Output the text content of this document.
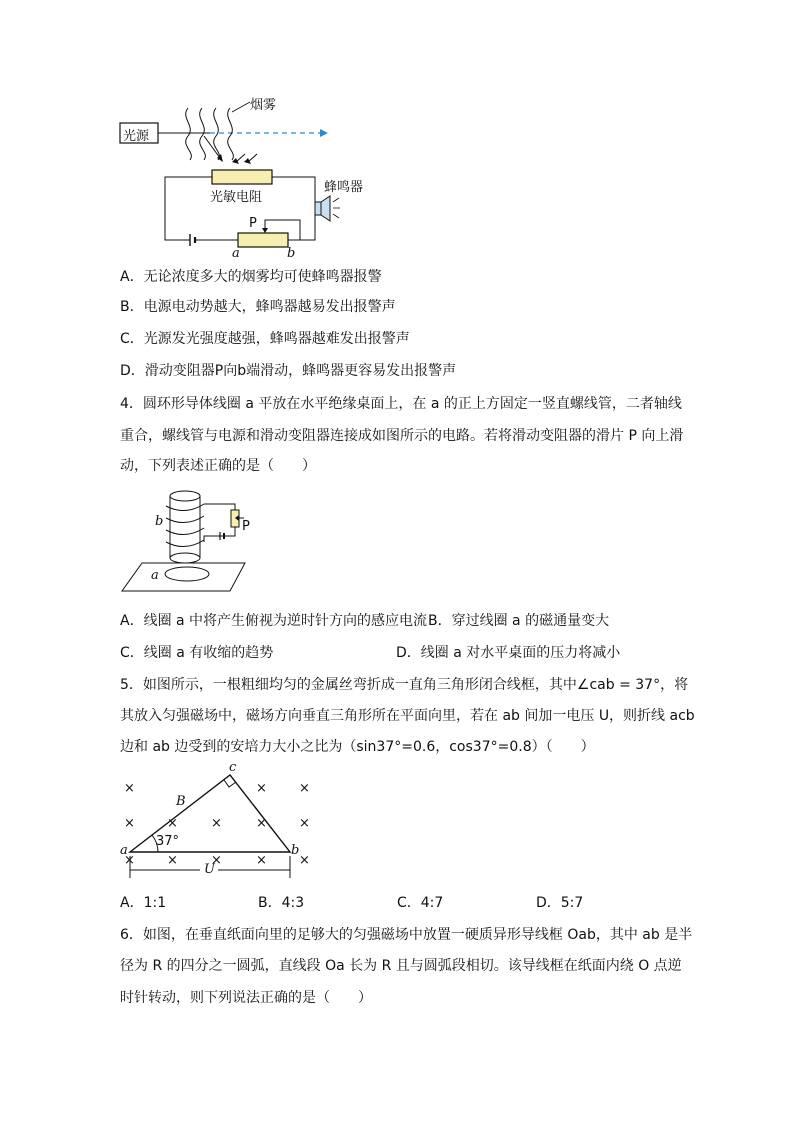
烟雾
光源
光敏电阻
蜂鸣器
P
a	b
A．无论浓度多大的烟雾均可使蜂鸣器报警
B．电源电动势越大，蜂鸣器越易发出报警声
C．光源发光强度越强，蜂鸣器越难发出报警声
D．滑动变阻器P向b端滑动，蜂鸣器更容易发出报警声
4．圆环形导体线圈 a 平放在水平绝缘桌面上，在 a 的正上方固定一竖直螺线管，二者轴线
重合，螺线管与电源和滑动变阻器连接成如图所示的电路。若将滑动变阻器的滑片 P 向上滑
动，下列表述正确的是（　　）
b
a
P
A．线圈 a 中将产生俯视为逆时针方向的感应电流 B．穿过线圈 a 的磁通量变大
C．线圈 a 有收缩的趋势	D．线圈 a 对水平桌面的压力将减小
5．如图所示，一根粗细均匀的金属丝弯折成一直角三角形闭合线框，其中∠cab = 37°，将
其放入匀强磁场中，磁场方向垂直三角形所在平面向里，若在 ab 间加一电压 U，则折线 acb
边和 ab 边受到的安培力大小之比为（sin37°=0.6，cos37°=0.8）（　　）
×	× ×
× ×	×	× ×
× ×	×	× ×
c
B
a	b
37°
U
A．1:1	B．4:3	C．4:7	D．5:7
6．如图，在垂直纸面向里的足够大的匀强磁场中放置一硬质异形导线框 Oab，其中 ab 是半
径为 R 的四分之一圆弧，直线段 Oa 长为 R 且与圆弧段相切。该导线框在纸面内绕 O 点逆
时针转动，则下列说法正确的是（　　）
